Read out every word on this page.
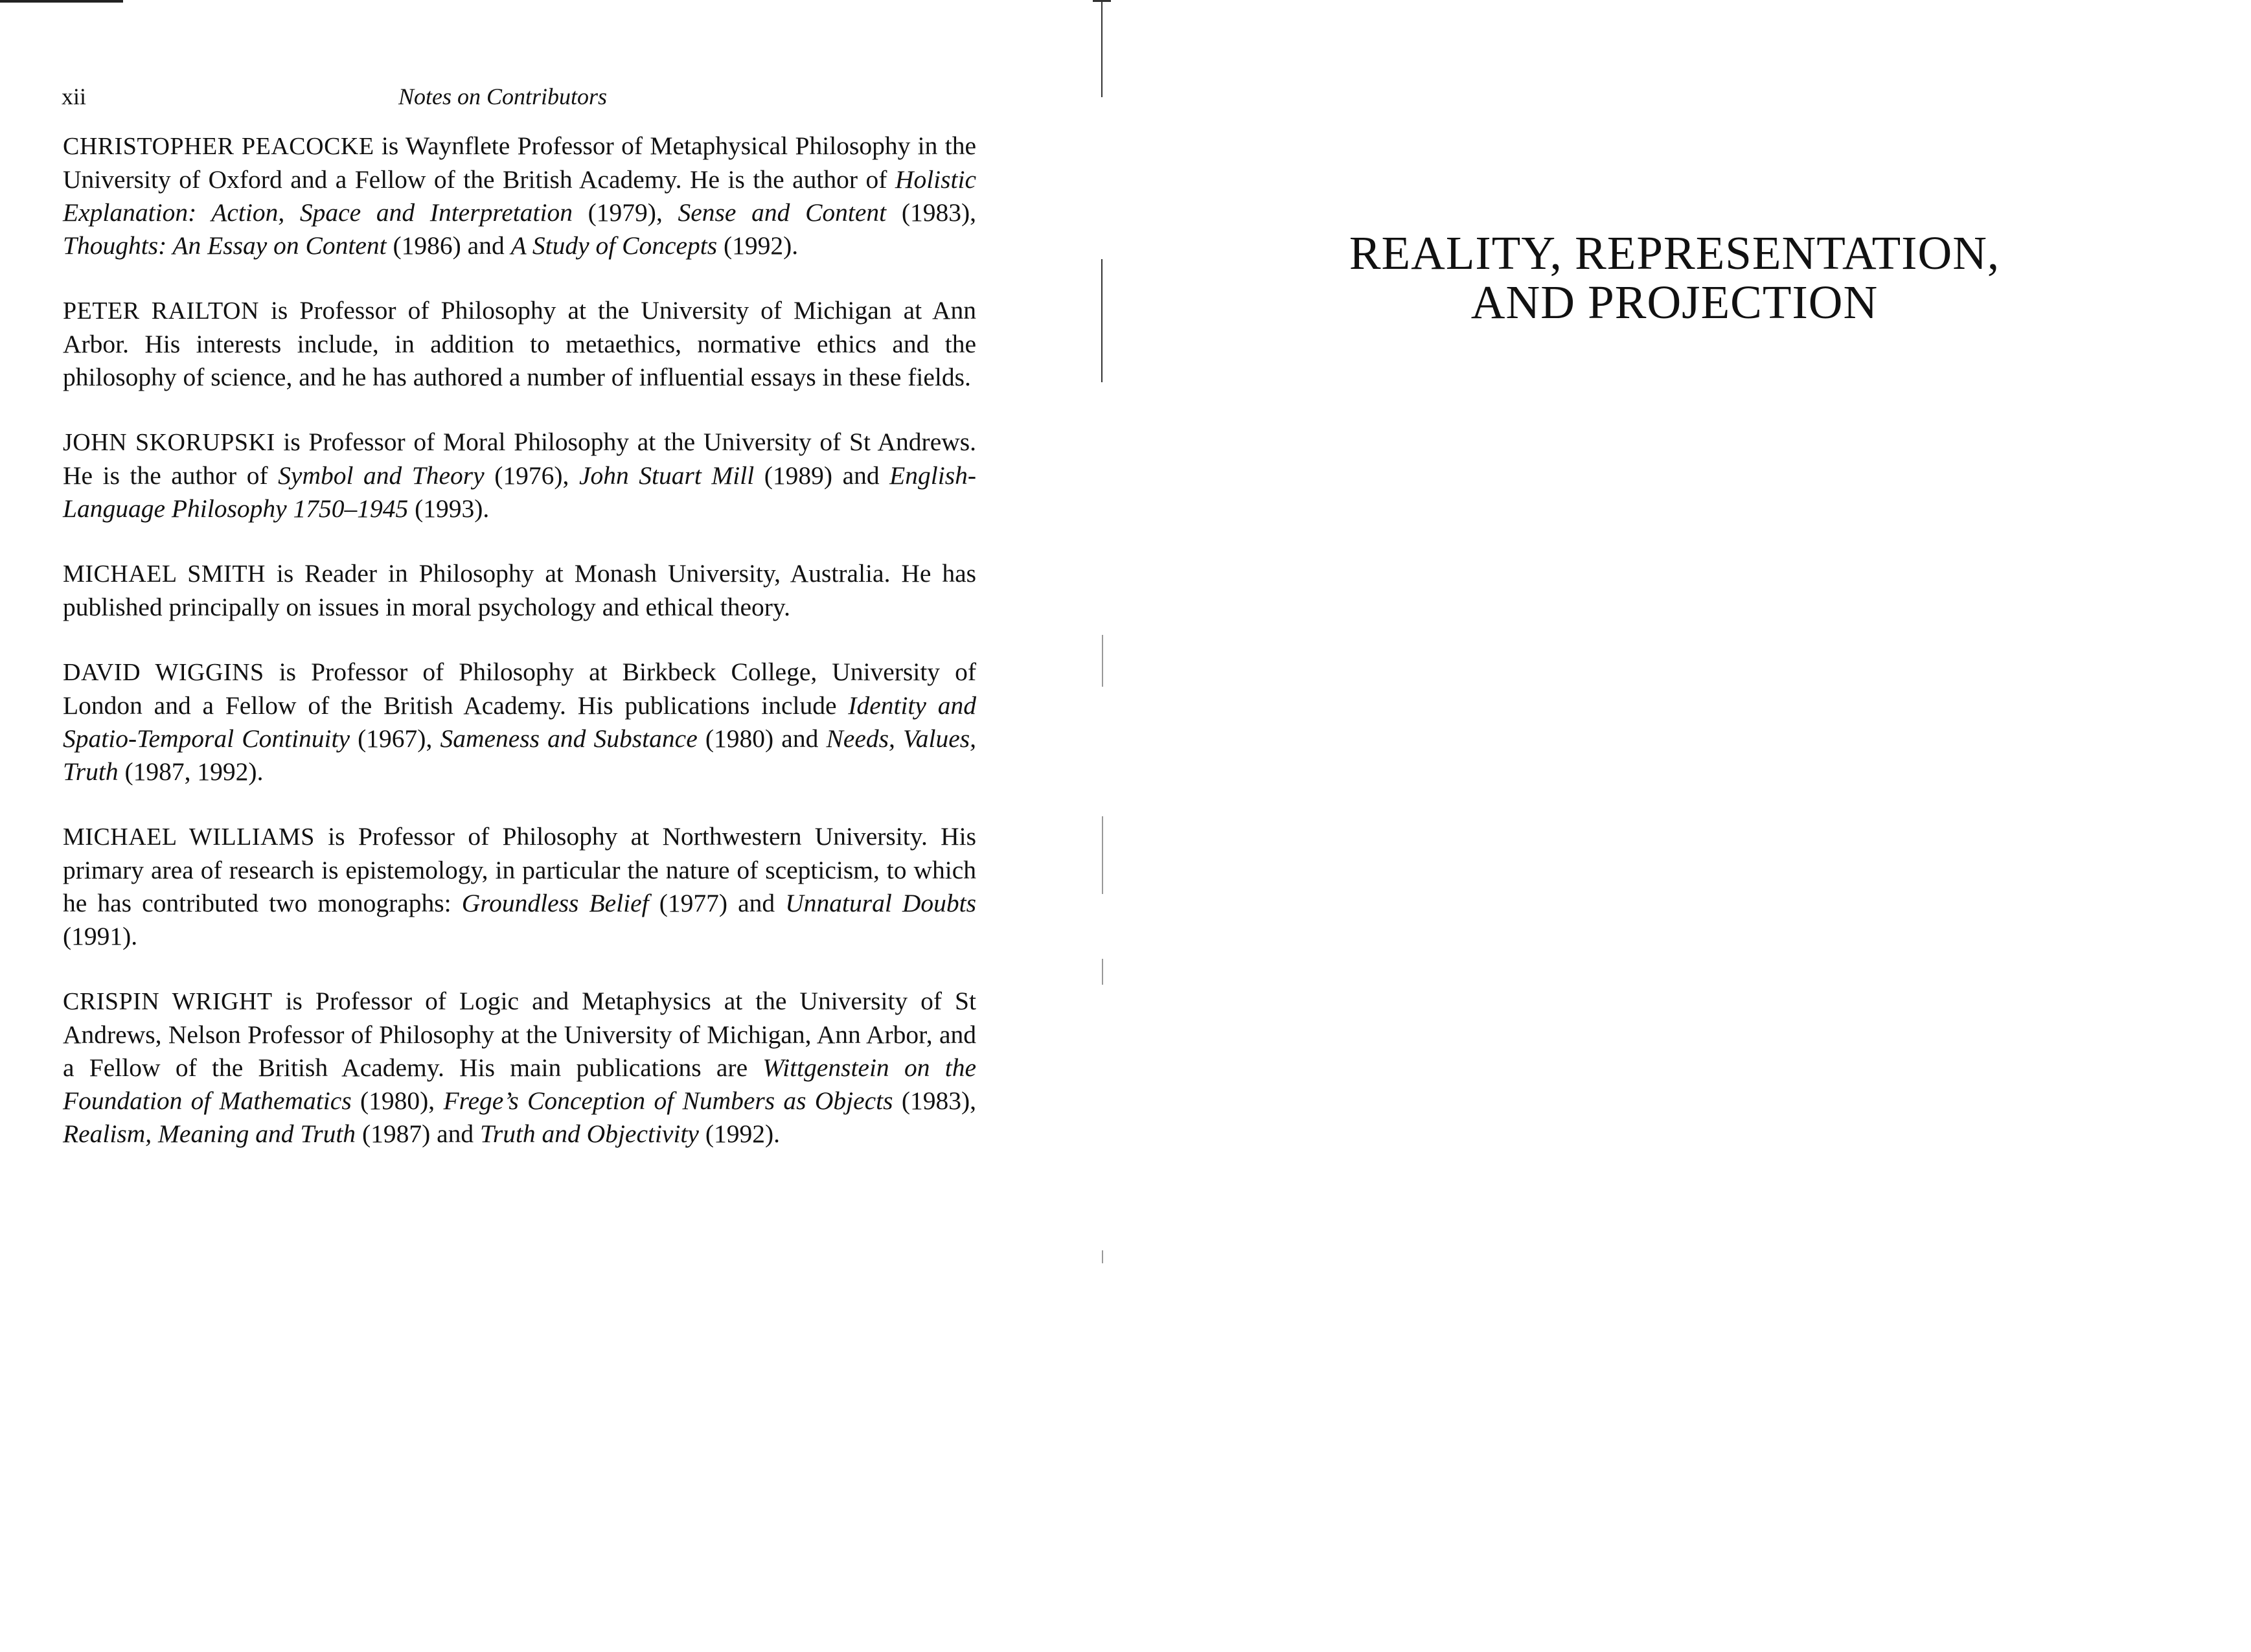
xii	Notes on Contributors

CHRISTOPHER PEACOCKE is Waynflete Professor of Metaphysical Philosophy in the University of Oxford and a Fellow of the British Academy. He is the author of Holistic Explanation: Action, Space and Interpretation (1979), Sense and Content (1983), Thoughts: An Essay on Content (1986) and A Study of Concepts (1992).

PETER RAILTON is Professor of Philosophy at the University of Michigan at Ann Arbor. His interests include, in addition to metaethics, normative ethics and the philosophy of science, and he has authored a number of influential essays in these fields.

JOHN SKORUPSKI is Professor of Moral Philosophy at the University of St Andrews. He is the author of Symbol and Theory (1976), John Stuart Mill (1989) and English-Language Philosophy 1750–1945 (1993).

MICHAEL SMITH is Reader in Philosophy at Monash University, Australia. He has published principally on issues in moral psychology and ethical theory.

DAVID WIGGINS is Professor of Philosophy at Birkbeck College, University of London and a Fellow of the British Academy. His publications include Identity and Spatio-Temporal Continuity (1967), Sameness and Substance (1980) and Needs, Values, Truth (1987, 1992).

MICHAEL WILLIAMS is Professor of Philosophy at Northwestern University. His primary area of research is epistemology, in particular the nature of scepticism, to which he has contributed two monographs: Groundless Belief (1977) and Unnatural Doubts (1991).

CRISPIN WRIGHT is Professor of Logic and Metaphysics at the University of St Andrews, Nelson Professor of Philosophy at the University of Michigan, Ann Arbor, and a Fellow of the British Academy. His main publications are Wittgenstein on the Foundation of Mathematics (1980), Frege’s Conception of Numbers as Objects (1983), Realism, Meaning and Truth (1987) and Truth and Objectivity (1992).

REALITY, REPRESENTATION,
AND PROJECTION
